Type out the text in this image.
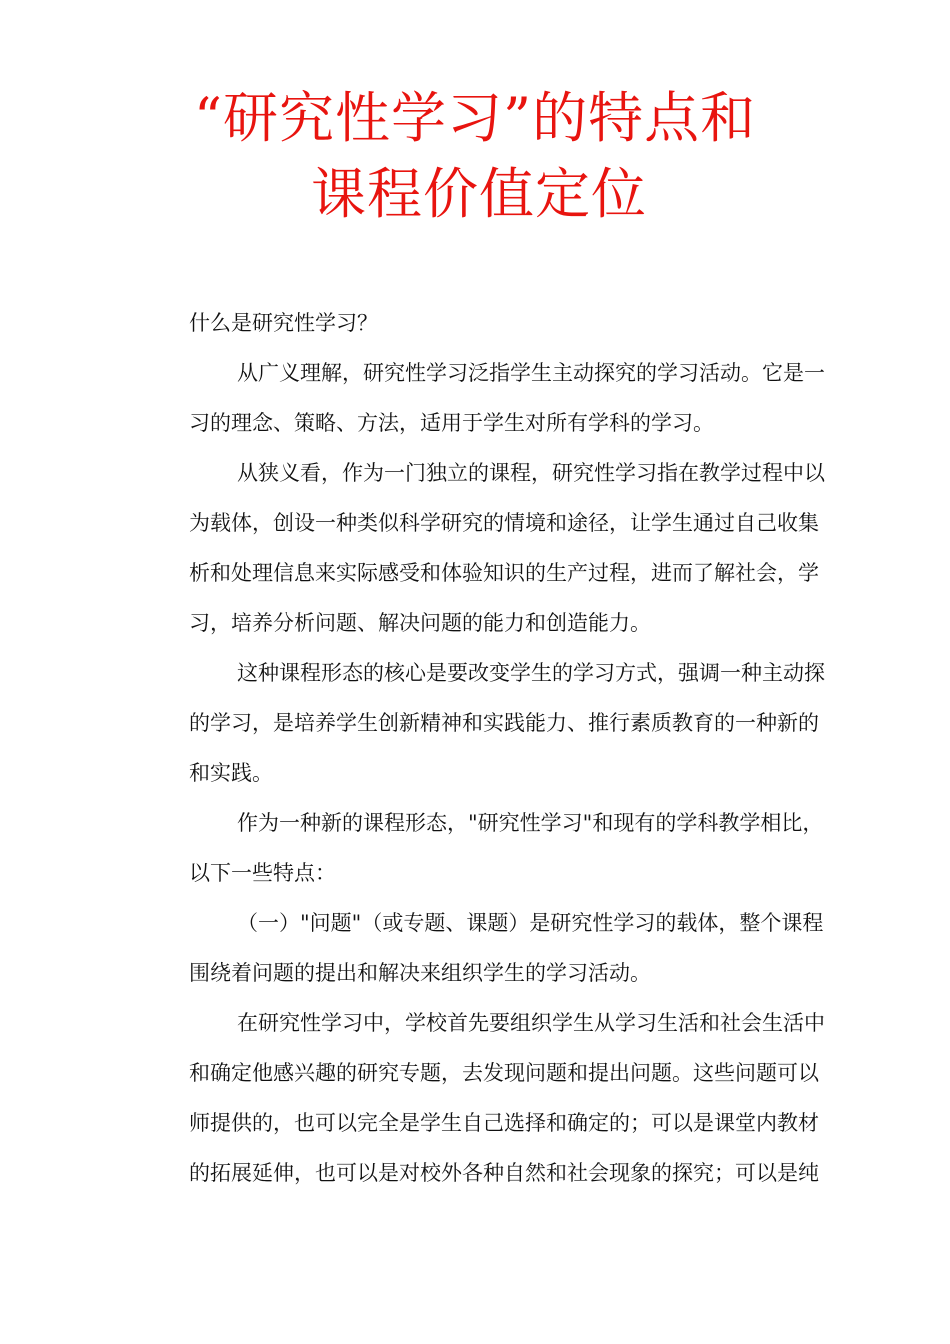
“研究性学习”的特点和
课程价值定位
什么是研究性学习？
从广义理解，研究性学习泛指学生主动探究的学习活动。它是一
习的理念、策略、方法，适用于学生对所有学科的学习。
从狭义看，作为一门独立的课程，研究性学习指在教学过程中以
为载体，创设一种类似科学研究的情境和途径，让学生通过自己收集
析和处理信息来实际感受和体验知识的生产过程，进而了解社会，学
习，培养分析问题、解决问题的能力和创造能力。
这种课程形态的核心是要改变学生的学习方式，强调一种主动探
的学习，是培养学生创新精神和实践能力、推行素质教育的一种新的
和实践。
作为一种新的课程形态，"研究性学习"和现有的学科教学相比，
以下一些特点：
（一）"问题"（或专题、课题）是研究性学习的载体，整个课程
围绕着问题的提出和解决来组织学生的学习活动。
在研究性学习中，学校首先要组织学生从学习生活和社会生活中
和确定他感兴趣的研究专题，去发现问题和提出问题。这些问题可以
师提供的，也可以完全是学生自己选择和确定的；可以是课堂内教材
的拓展延伸，也可以是对校外各种自然和社会现象的探究；可以是纯
